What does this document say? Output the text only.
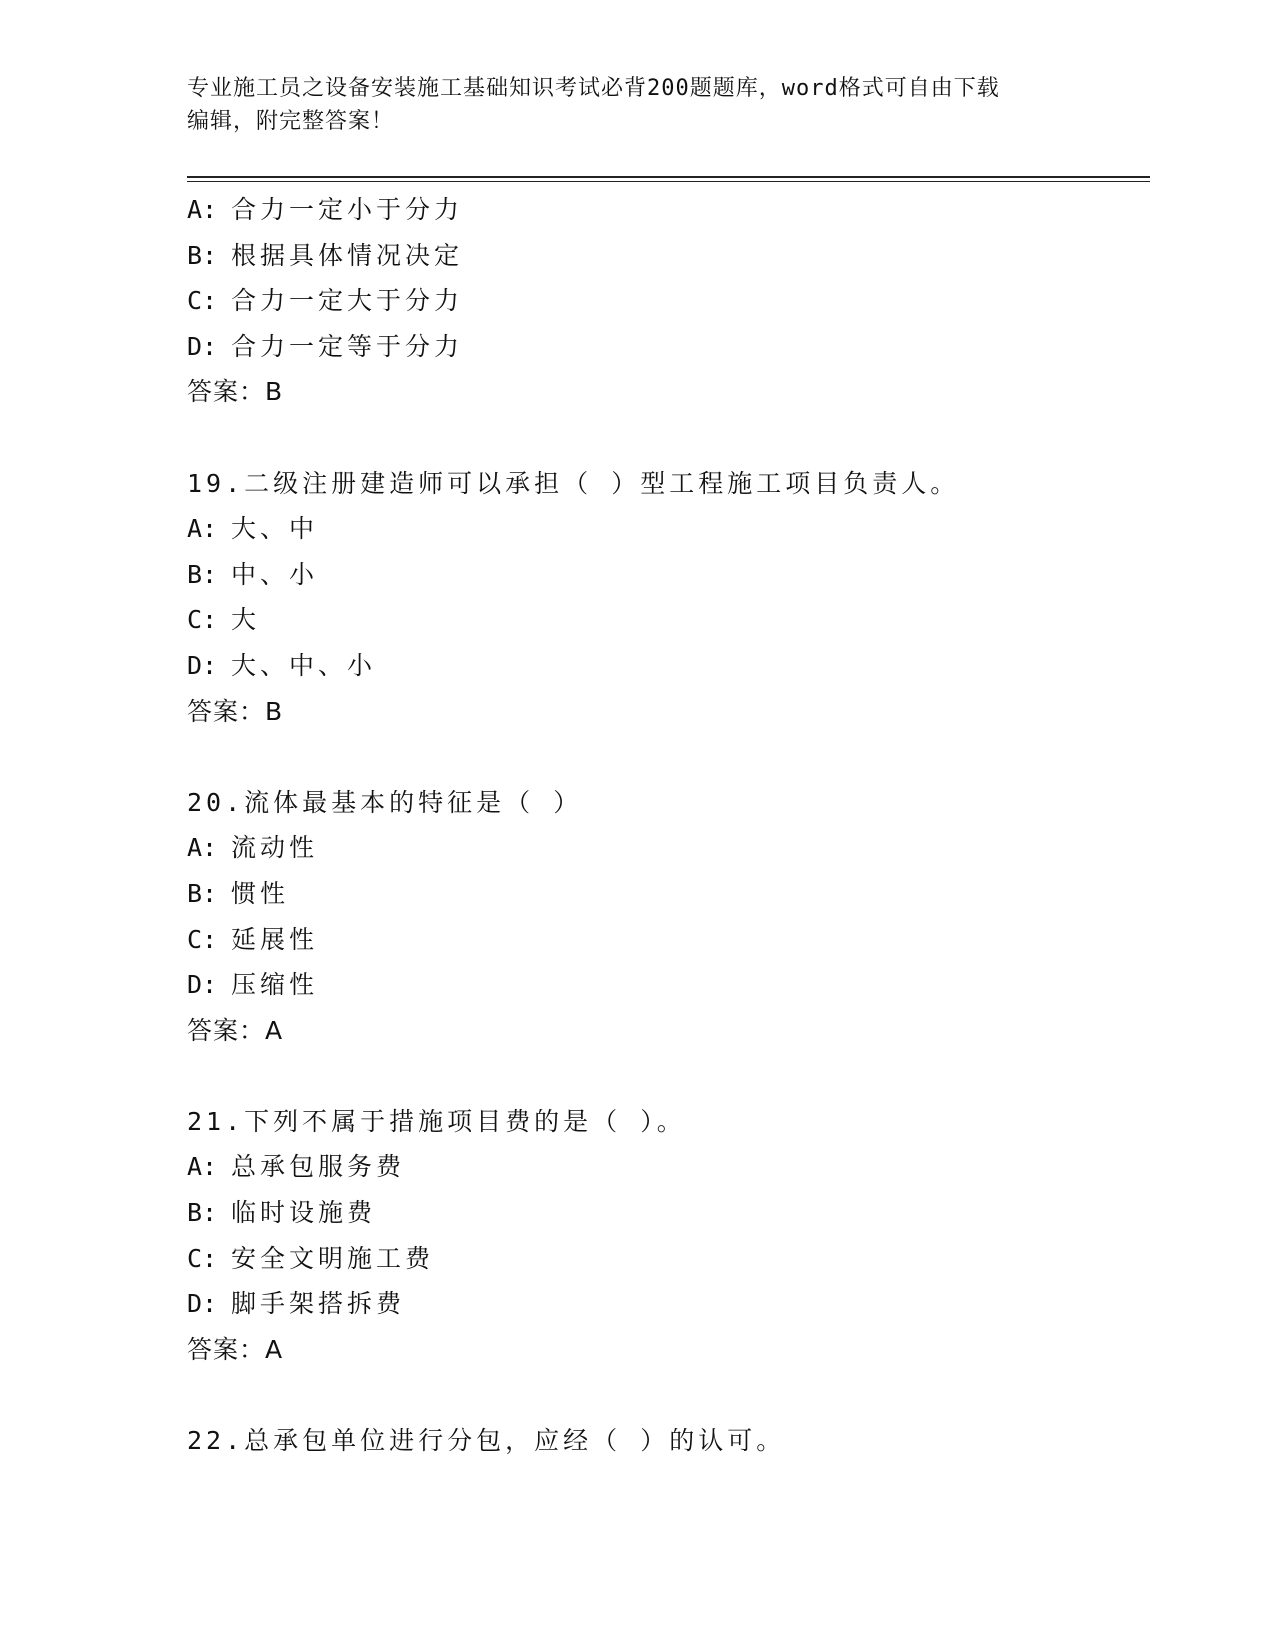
专业施工员之设备安装施工基础知识考试必背200题题库，word格式可自由下载
编辑，附完整答案！
A: 合力一定小于分力
B: 根据具体情况决定
C: 合力一定大于分力
D: 合力一定等于分力
答案：B
19.二级注册建造师可以承担（ ）型工程施工项目负责人。
A: 大、中
B: 中、小
C: 大
D: 大、中、小
答案：B
20.流体最基本的特征是（ ）
A: 流动性
B: 惯性
C: 延展性
D: 压缩性
答案：A
21.下列不属于措施项目费的是（ ）。
A: 总承包服务费
B: 临时设施费
C: 安全文明施工费
D: 脚手架搭拆费
答案：A
22.总承包单位进行分包，应经（ ）的认可。
